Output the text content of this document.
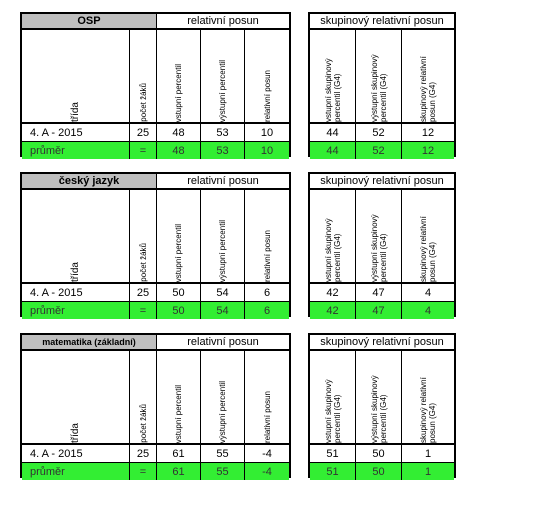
OSP	relativní posun
třída	počet žáků	vstupní percentil	výstupní percentil	relativní posun
4. A - 2015	25	48	53	10
průměr	=	48	53	10
skupinový relativní posun
vstupní skupinový percentil (G4)	výstupní skupinový percentil (G4)	skupinový relativní posun (G4)
44	52	12
44	52	12
český jazyk	relativní posun
třída	počet žáků	vstupní percentil	výstupní percentil	relativní posun
4. A - 2015	25	50	54	6
průměr	=	50	54	6
skupinový relativní posun
vstupní skupinový percentil (G4)	výstupní skupinový percentil (G4)	skupinový relativní posun (G4)
42	47	4
42	47	4
matematika (základní)	relativní posun
třída	počet žáků	vstupní percentil	výstupní percentil	relativní posun
4. A - 2015	25	61	55	-4
průměr	=	61	55	-4
skupinový relativní posun
vstupní skupinový percentil (G4)	výstupní skupinový percentil (G4)	skupinový relativní posun (G4)
51	50	1
51	50	1
